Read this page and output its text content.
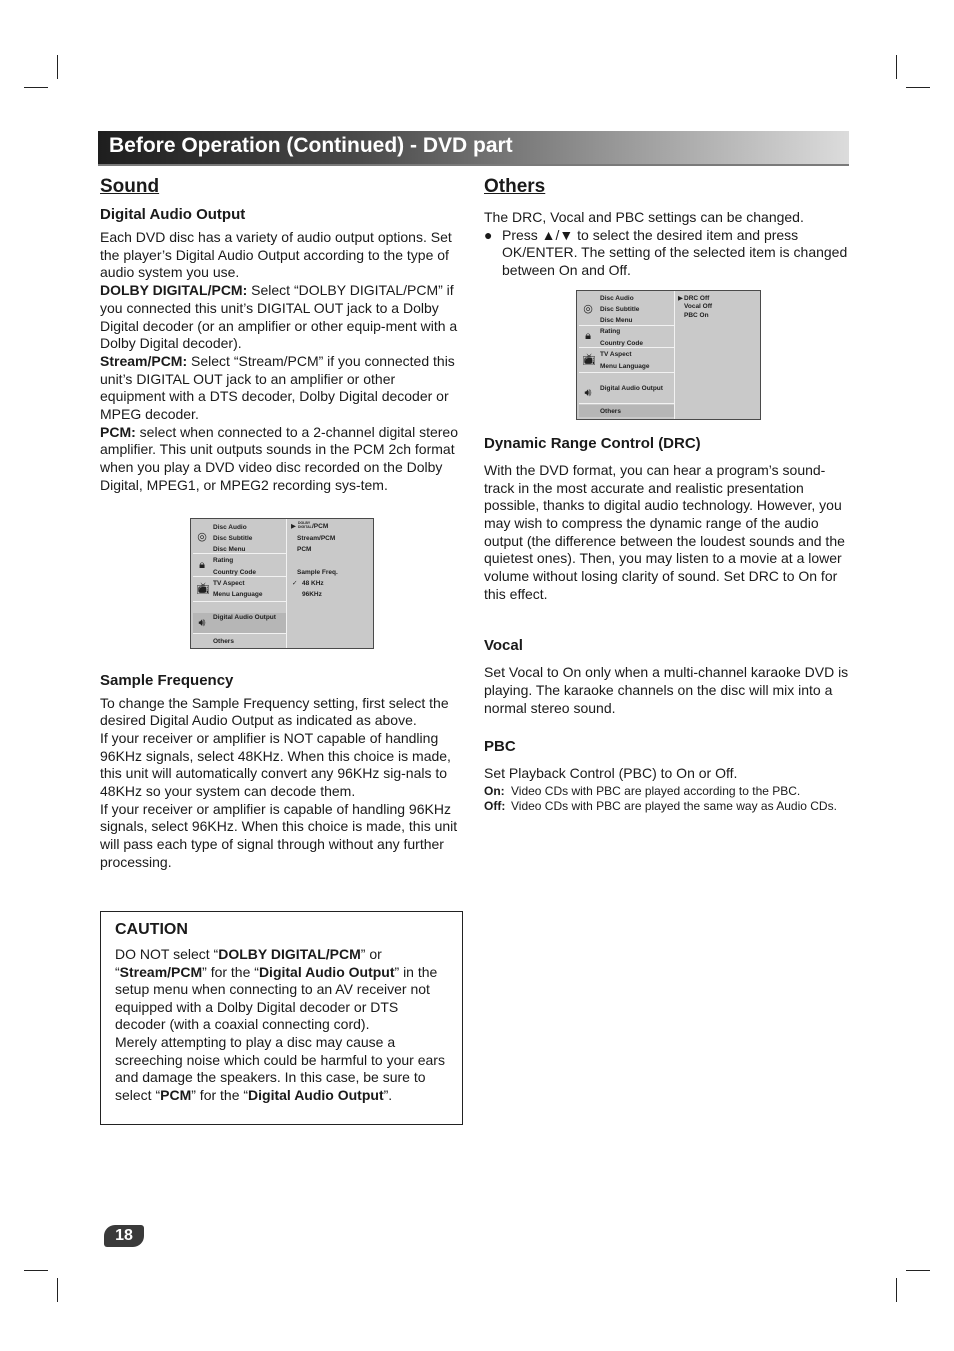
Before Operation (Continued) - DVD part
Sound
Digital Audio Output

Each DVD disc has a variety of audio output options. Set the player’s Digital Audio Output according to the type of audio system you use.

DOLBY DIGITAL/PCM: Select “DOLBY DIGITAL/PCM” if you connected this unit’s DIGITAL OUT jack to a Dolby Digital decoder (or an amplifier or other equip-ment with a Dolby Digital decoder).

Stream/PCM: Select “Stream/PCM” if you connected this unit’s DIGITAL OUT jack to an amplifier or other equipment with a DTS decoder, Dolby Digital decoder or MPEG decoder.

PCM: select when connected to a 2-channel digital stereo amplifier. This unit outputs sounds in the PCM 2ch format when you play a DVD video disc recorded on the Dolby Digital, MPEG1, or MPEG2 recording sys-tem.

◎
🔒︎
📺︎
🔊︎
Disc Audio
Disc Subtitle
Disc Menu
Rating
Country Code
TV Aspect
Menu Language
Digital Audio Output
Others
▶ DOLBY
DIGITAL /PCM
Stream/PCM
PCM
Sample Freq.
✓ 48 KHz
96KHz
Sample Frequency

To change the Sample Frequency setting, first select the desired Digital Audio Output as indicated as above.

If your receiver or amplifier is NOT capable of handling 96KHz signals, select 48KHz. When this choice is made, this unit will automatically convert any 96KHz sig-nals to 48KHz so your system can decode them.

If your receiver or amplifier is capable of handling 96KHz signals, select 96KHz. When this choice is made, this unit will pass each type of signal through without any further processing.

CAUTION

DO NOT select “DOLBY DIGITAL/PCM” or “Stream/PCM” for the “Digital Audio Output” in the setup menu when connecting to an AV receiver not equipped with a Dolby Digital decoder or DTS decoder (with a coaxial connecting cord).

Merely attempting to play a disc may cause a screeching noise which could be harmful to your ears and damage the speakers. In this case, be sure to select “PCM” for the “Digital Audio Output”.

Others

The DRC, Vocal and PBC settings can be changed.

● Press ▲/▼ to select the desired item and press OK/ENTER. The setting of the selected item is changed between On and Off.
◎
🔒︎
📺︎
🔊︎
Disc Audio
Disc Subtitle
Disc Menu
Rating
Country Code
TV Aspect
Menu Language
Digital Audio Output
Others
▶ DRC Off
Vocal Off
PBC On
Dynamic Range Control (DRC)

With the DVD format, you can hear a program’s sound-track in the most accurate and realistic presentation possible, thanks to digital audio technology. However, you may wish to compress the dynamic range of the audio output (the difference between the loudest sounds and the quietest ones). Then, you may listen to a movie at a lower volume without losing clarity of sound. Set DRC to On for this effect.

Vocal

Set Vocal to On only when a multi-channel karaoke DVD is playing. The karaoke channels on the disc will mix into a normal stereo sound.

PBC

Set Playback Control (PBC) to On or Off.

On: Video CDs with PBC are played according to the PBC.
Off: Video CDs with PBC are played the same way as Audio CDs.
18
